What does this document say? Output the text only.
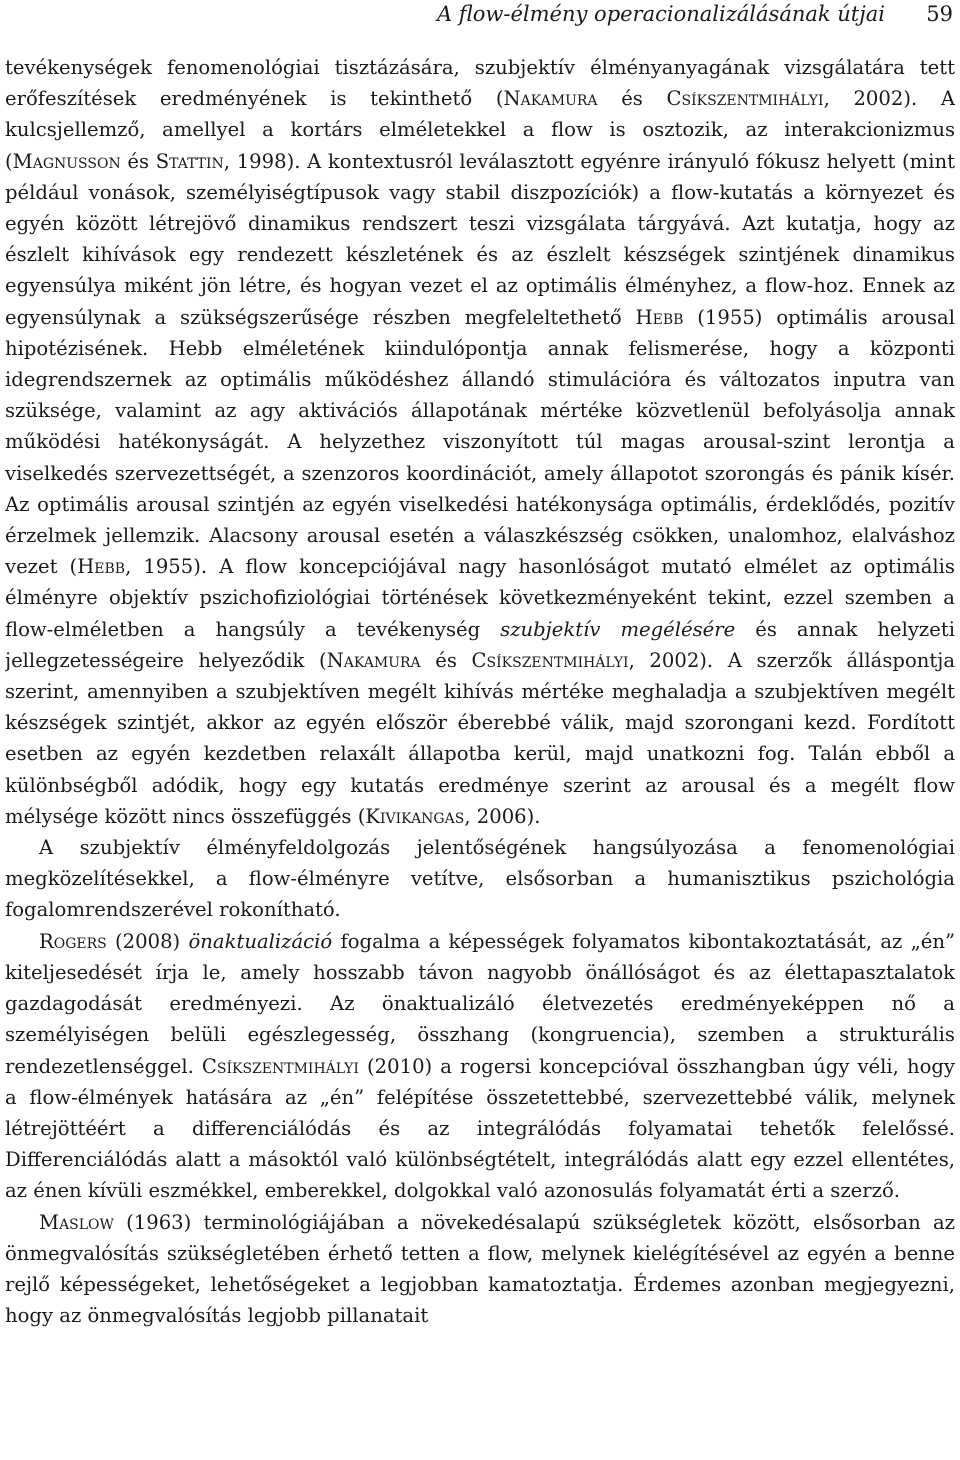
A flow-élmény operacionalizálásának útjai 59

tevékenységek fenomenológiai tisztázására, szubjektív élményanyagának vizsgálatára tett erőfeszítések eredményének is tekinthető (Nakamura és Csíkszentmihályi, 2002). A kulcsjellemző, amellyel a kortárs elméletekkel a flow is osztozik, az interakcionizmus (Magnusson és Stattin, 1998). A kontextusról leválasztott egyénre irányuló fókusz helyett (mint például vonások, személyiségtípusok vagy stabil diszpozíciók) a flow-kutatás a környezet és egyén között létrejövő dinamikus rendszert teszi vizsgálata tárgyává. Azt kutatja, hogy az észlelt kihívások egy rendezett készletének és az észlelt készségek szintjének dinamikus egyensúlya miként jön létre, és hogyan vezet el az optimális élményhez, a flow-hoz. Ennek az egyensúlynak a szükségszerűsége részben megfeleltethető Hebb (1955) optimális arousal hipotézisének. Hebb elméletének kiindulópontja annak felismerése, hogy a központi idegrendszernek az optimális működéshez állandó stimulációra és változatos inputra van szüksége, valamint az agy aktivációs állapotának mértéke közvetlenül befolyásolja annak működési hatékonyságát. A helyzethez viszonyított túl magas arousal-szint lerontja a viselkedés szervezettségét, a szenzoros koordinációt, amely állapotot szorongás és pánik kísér. Az optimális arousal szintjén az egyén viselkedési hatékonysága optimális, érdeklődés, pozitív érzelmek jellemzik. Alacsony arousal esetén a válaszkészség csökken, unalomhoz, elalváshoz vezet (Hebb, 1955). A flow koncepciójával nagy hasonlóságot mutató elmélet az optimális élményre objektív pszichofiziológiai történések következményeként tekint, ezzel szemben a flow-elméletben a hangsúly a tevékenység szubjektív megélésére és annak helyzeti jellegzetességeire helyeződik (Nakamura és Csíkszentmihályi, 2002). A szerzők álláspontja szerint, amennyiben a szubjektíven megélt kihívás mértéke meghaladja a szubjektíven megélt készségek szintjét, akkor az egyén először éberebbé válik, majd szorongani kezd. Fordított esetben az egyén kezdetben relaxált állapotba kerül, majd unatkozni fog. Talán ebből a különbségből adódik, hogy egy kutatás eredménye szerint az arousal és a megélt flow mélysége között nincs összefüggés (Kivikangas, 2006).

A szubjektív élményfeldolgozás jelentőségének hangsúlyozása a fenomenológiai megközelítésekkel, a flow-élményre vetítve, elsősorban a humanisztikus pszichológia fogalomrendszerével rokonítható.

Rogers (2008) önaktualizáció fogalma a képességek folyamatos kibontakoztatását, az „én” kiteljesedését írja le, amely hosszabb távon nagyobb önállóságot és az élettapasztalatok gazdagodását eredményezi. Az önaktualizáló életvezetés eredményeképpen nő a személyiségen belüli egészlegesség, összhang (kongruencia), szemben a strukturális rendezetlenséggel. Csíkszentmihályi (2010) a rogersi koncepcióval összhangban úgy véli, hogy a flow-élmények hatására az „én” felépítése összetettebbé, szervezettebbé válik, melynek létrejöttéért a differenciálódás és az integrálódás folyamatai tehetők felelőssé. Differenciálódás alatt a másoktól való különbségtételt, integrálódás alatt egy ezzel ellentétes, az énen kívüli eszmékkel, emberekkel, dolgokkal való azonosulás folyamatát érti a szerző.

Maslow (1963) terminológiájában a növekedésalapú szükségletek között, elsősorban az önmegvalósítás szükségletében érhető tetten a flow, melynek kielégítésével az egyén a benne rejlő képességeket, lehetőségeket a legjobban kamatoztatja. Érdemes azonban megjegyezni, hogy az önmegvalósítás legjobb pillanatait
